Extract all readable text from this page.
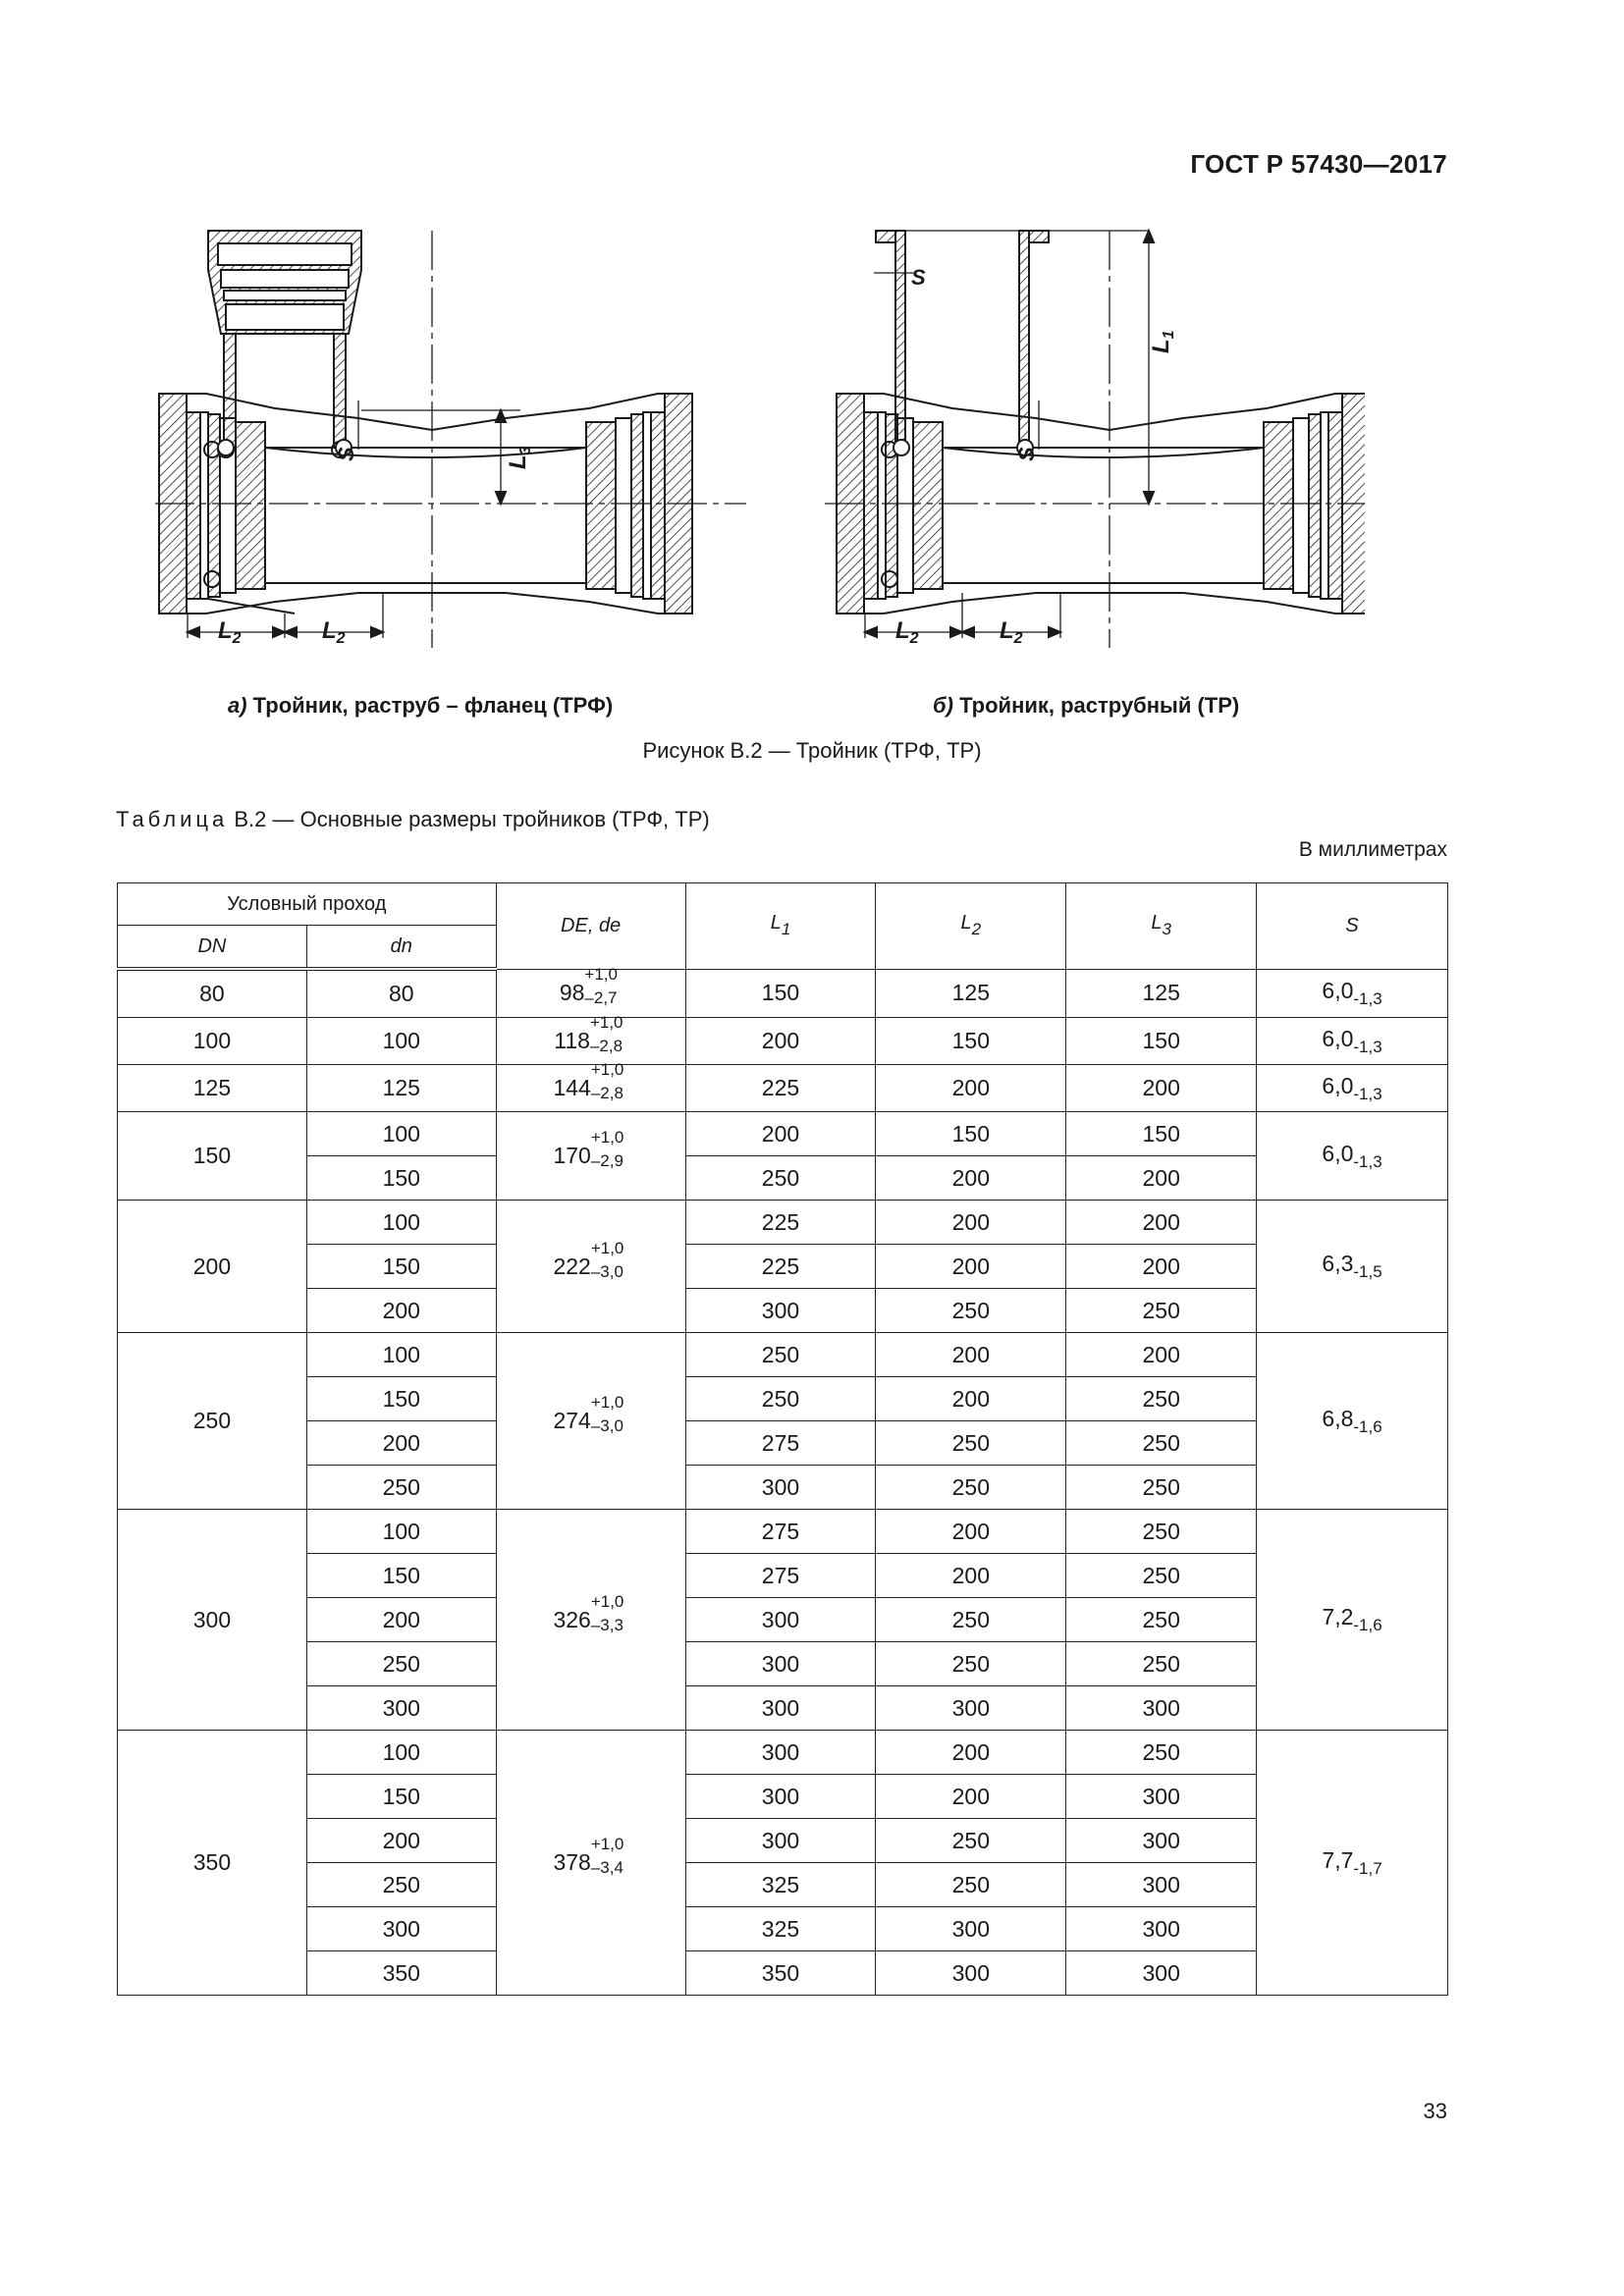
ГОСТ Р 57430—2017
$L_2$	$L_2$
$L_3$
S
$L_2$	$L_2$
$L_1$
S
S
а) Тройник, раструб – фланец (ТРФ)	б) Тройник, раструбный (ТР)
Рисунок В.2 — Тройник (ТРФ, ТР)
Таблица В.2 — Основные размеры тройников (ТРФ, ТР)
В миллиметрах
Условный проход		DE, de	$L_1$	$L_2$	$L_3$	S
DN	dn					
80	80	98
+1,0
–2,7	150	125	125	$6,0_{-1,3}$
100	100	118
+1,0
–2,8	200	150	150	$6,0_{-1,3}$
125	125	144
+1,0
–2,8	225	200	200	$6,0_{-1,3}$
150	100	170
+1,0
–2,9	200	150	150	$6,0_{-1,3}$
	150		250	200	200	
200	100	222
+1,0
–3,0	225	200	200	$6,3_{-1,5}$
	150		225	200	200	
	200		300	250	250	
250	100	274
+1,0
–3,0	250	200	200	$6,8_{-1,6}$
	150		250	200	250	
	200		275	250	250	
	250		300	250	250	
300	100	326
+1,0
–3,3	275	200	250	$7,2_{-1,6}$
	150		275	200	250	
	200		300	250	250	
	250		300	250	250	
	300		300	300	300	
350	100	378
+1,0
–3,4	300	200	250	$7,7_{-1,7}$
	150		300	200	300	
	200		300	250	300	
	250		325	250	300	
	300		325	300	300	
	350		350	300	300	
33
